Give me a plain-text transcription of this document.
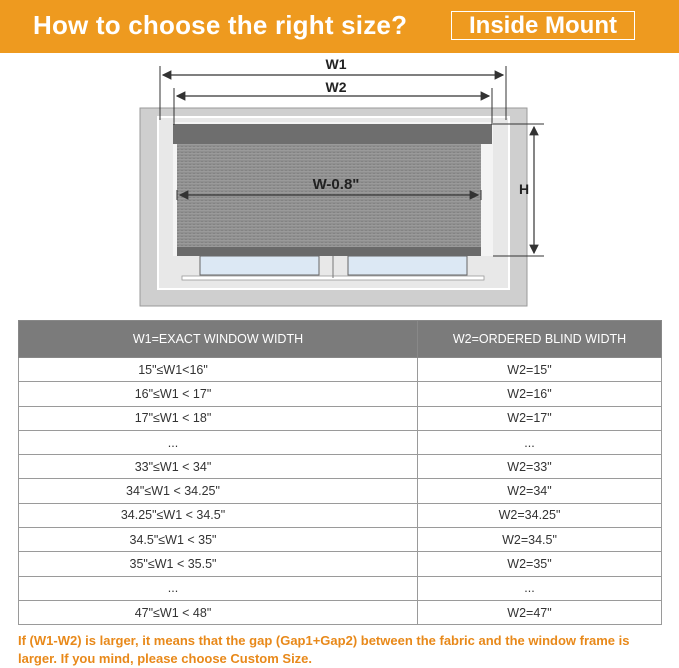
How to choose the right size?	Inside Mount
W1
W2
W-0.8"	H
W1=EXACT WINDOW WIDTH	W2=ORDERED BLIND WIDTH
15"≤W1<16"	W2=15"
16"≤W1 < 17"	W2=16"
17"≤W1 < 18"	W2=17"
...	...
33"≤W1 < 34"	W2=33"
34"≤W1 < 34.25"	W2=34"
34.25"≤W1 < 34.5"	W2=34.25"
34.5"≤W1 < 35"	W2=34.5"
35"≤W1 < 35.5"	W2=35"
...	...
47"≤W1 < 48"	W2=47"
If (W1-W2) is larger, it means that the gap (Gap1+Gap2) between the fabric and the window frame is larger. If you mind, please choose Custom Size.
